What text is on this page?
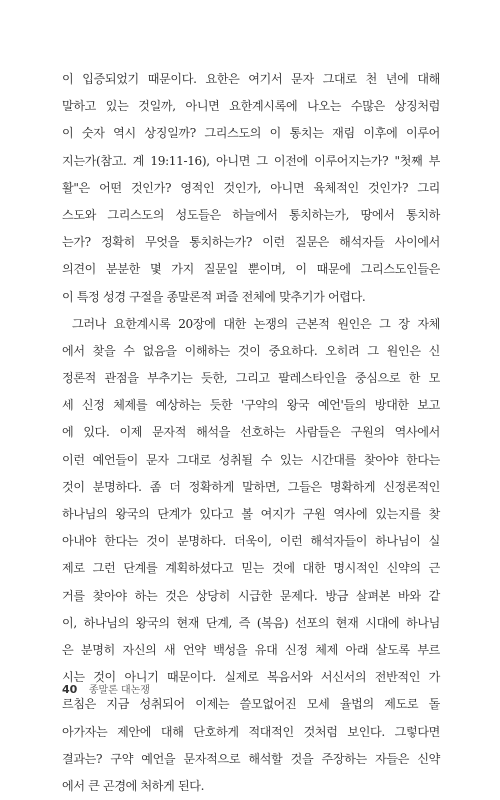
이 입증되었기 때문이다. 요한은 여기서 문자 그대로 천 년에 대해
말하고 있는 것일까, 아니면 요한계시록에 나오는 수많은 상징처럼
이 숫자 역시 상징일까? 그리스도의 이 통치는 재림 이후에 이루어
지는가(참고. 계 19:11-16), 아니면 그 이전에 이루어지는가? "첫째 부
활"은 어떤 것인가? 영적인 것인가, 아니면 육체적인 것인가? 그리
스도와 그리스도의 성도들은 하늘에서 통치하는가, 땅에서 통치하
는가? 정확히 무엇을 통치하는가? 이런 질문은 해석자들 사이에서
의견이 분분한 몇 가지 질문일 뿐이며, 이 때문에 그리스도인들은
이 특정 성경 구절을 종말론적 퍼즐 전체에 맞추기가 어렵다.
그러나 요한계시록 20장에 대한 논쟁의 근본적 원인은 그 장 자체
에서 찾을 수 없음을 이해하는 것이 중요하다. 오히려 그 원인은 신
정론적 관점을 부추기는 듯한, 그리고 팔레스타인을 중심으로 한 모
세 신정 체제를 예상하는 듯한 '구약의 왕국 예언'들의 방대한 보고
에 있다. 이제 문자적 해석을 선호하는 사람들은 구원의 역사에서
이런 예언들이 문자 그대로 성취될 수 있는 시간대를 찾아야 한다는
것이 분명하다. 좀 더 정확하게 말하면, 그들은 명확하게 신정론적인
하나님의 왕국의 단계가 있다고 볼 여지가 구원 역사에 있는지를 찾
아내야 한다는 것이 분명하다. 더욱이, 이런 해석자들이 하나님이 실
제로 그런 단계를 계획하셨다고 믿는 것에 대한 명시적인 신약의 근
거를 찾아야 하는 것은 상당히 시급한 문제다. 방금 살펴본 바와 같
이, 하나님의 왕국의 현재 단계, 즉 (복음) 선포의 현재 시대에 하나님
은 분명히 자신의 새 언약 백성을 유대 신정 체제 아래 살도록 부르
시는 것이 아니기 때문이다. 실제로 복음서와 서신서의 전반적인 가
르침은 지금 성취되어 이제는 쓸모없어진 모세 율법의 제도로 돌
아가자는 제안에 대해 단호하게 적대적인 것처럼 보인다. 그렇다면
결과는? 구약 예언을 문자적으로 해석할 것을 주장하는 자들은 신약
에서 큰 곤경에 처하게 된다.
40 종말론 대논쟁
